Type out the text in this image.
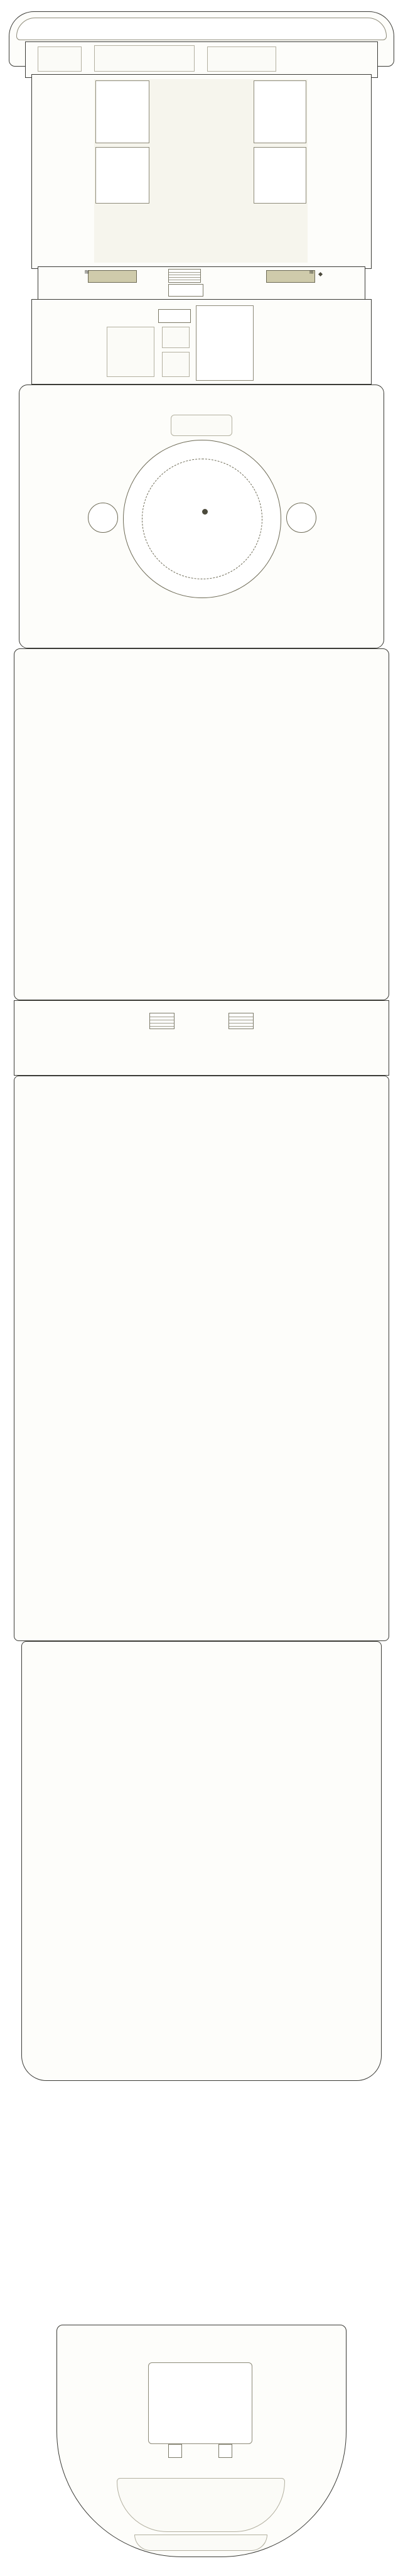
≋	≋
